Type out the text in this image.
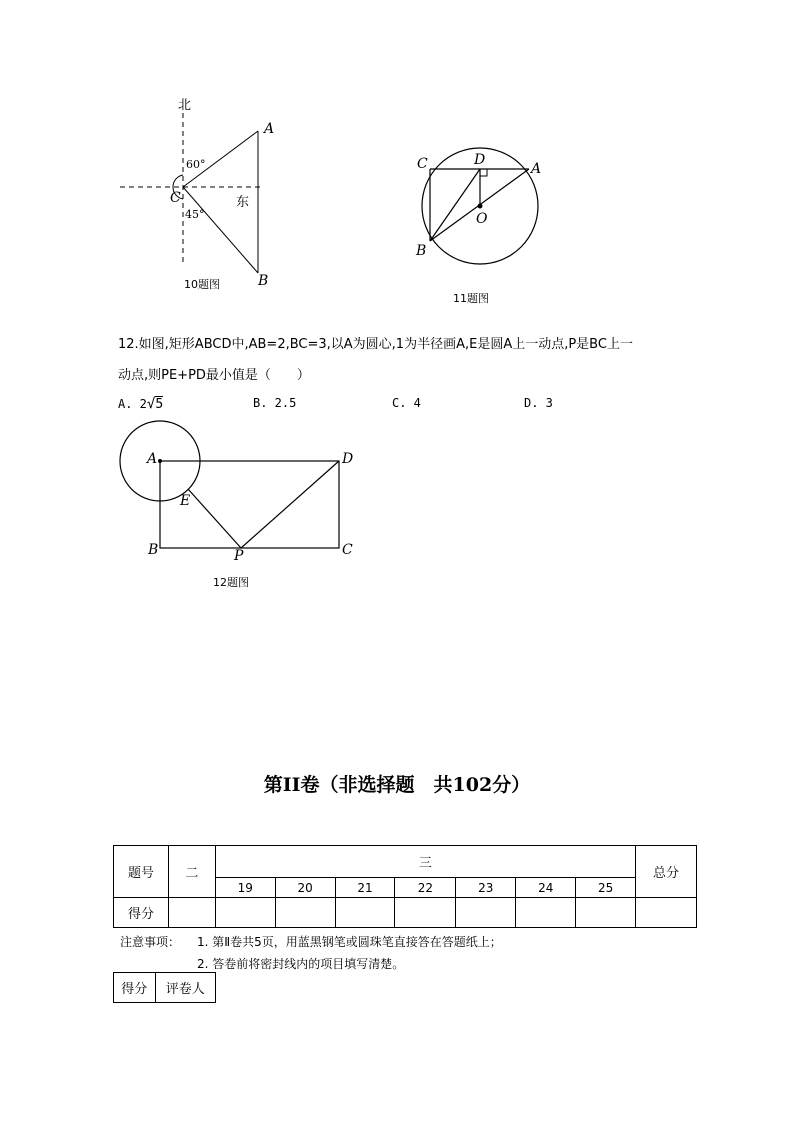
北
60°
C
45°
东
A
B
10题图
C	D
A
O
B
11题图
12.如图,矩形ABCD中,AB=2,BC=3,以A为圆心,1为半径画A,E是圆A上一动点,P是BC上一
动点,则PE+PD最小值是（　　）
A. 2√5	B. 2.5	C. 4	D. 3
A	D
E
B	P	C
12题图
第II卷（非选择题　共102分）
题号	二	三							总分
		19	20	21	22	23	24	25	
得分									
注意事项： 1. 第Ⅱ卷共5页，用蓝黑钢笔或圆珠笔直接答在答题纸上；
2. 答卷前将密封线内的项目填写清楚。
得分	评卷人
